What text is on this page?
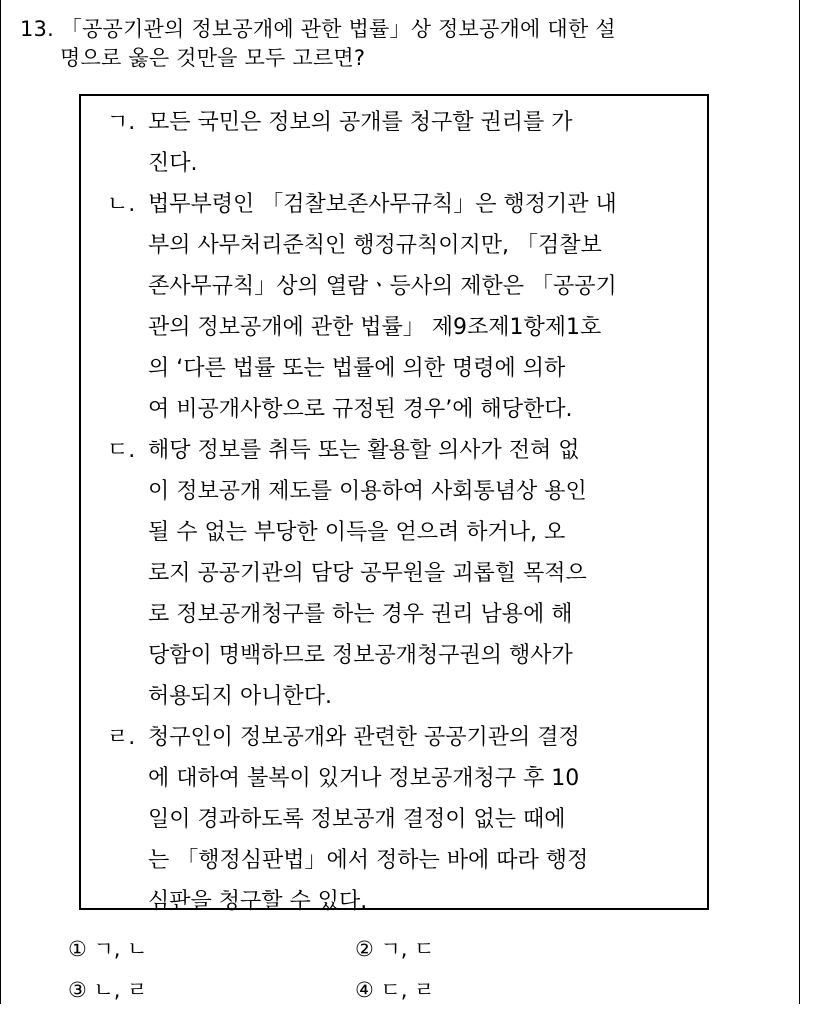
13. 「공공기관의 정보공개에 관한 법률」상 정보공개에 대한 설
명으로 옳은 것만을 모두 고르면?
ㄱ. 모든 국민은 정보의 공개를 청구할 권리를 가
진다.
ㄴ. 법무부령인 「검찰보존사무규칙」은 행정기관 내
부의 사무처리준칙인 행정규칙이지만, 「검찰보
존사무규칙」상의 열람ㆍ등사의 제한은 「공공기
관의 정보공개에 관한 법률」 제9조제1항제1호
의 ‘다른 법률 또는 법률에 의한 명령에 의하
여 비공개사항으로 규정된 경우’에 해당한다.
ㄷ. 해당 정보를 취득 또는 활용할 의사가 전혀 없
이 정보공개 제도를 이용하여 사회통념상 용인
될 수 없는 부당한 이득을 얻으려 하거나, 오
로지 공공기관의 담당 공무원을 괴롭힐 목적으
로 정보공개청구를 하는 경우 권리 남용에 해
당함이 명백하므로 정보공개청구권의 행사가
허용되지 아니한다.
ㄹ. 청구인이 정보공개와 관련한 공공기관의 결정
에 대하여 불복이 있거나 정보공개청구 후 10
일이 경과하도록 정보공개 결정이 없는 때에
는 「행정심판법」에서 정하는 바에 따라 행정
심판을 청구할 수 있다.
① ㄱ, ㄴ	② ㄱ, ㄷ
③ ㄴ, ㄹ	④ ㄷ, ㄹ
